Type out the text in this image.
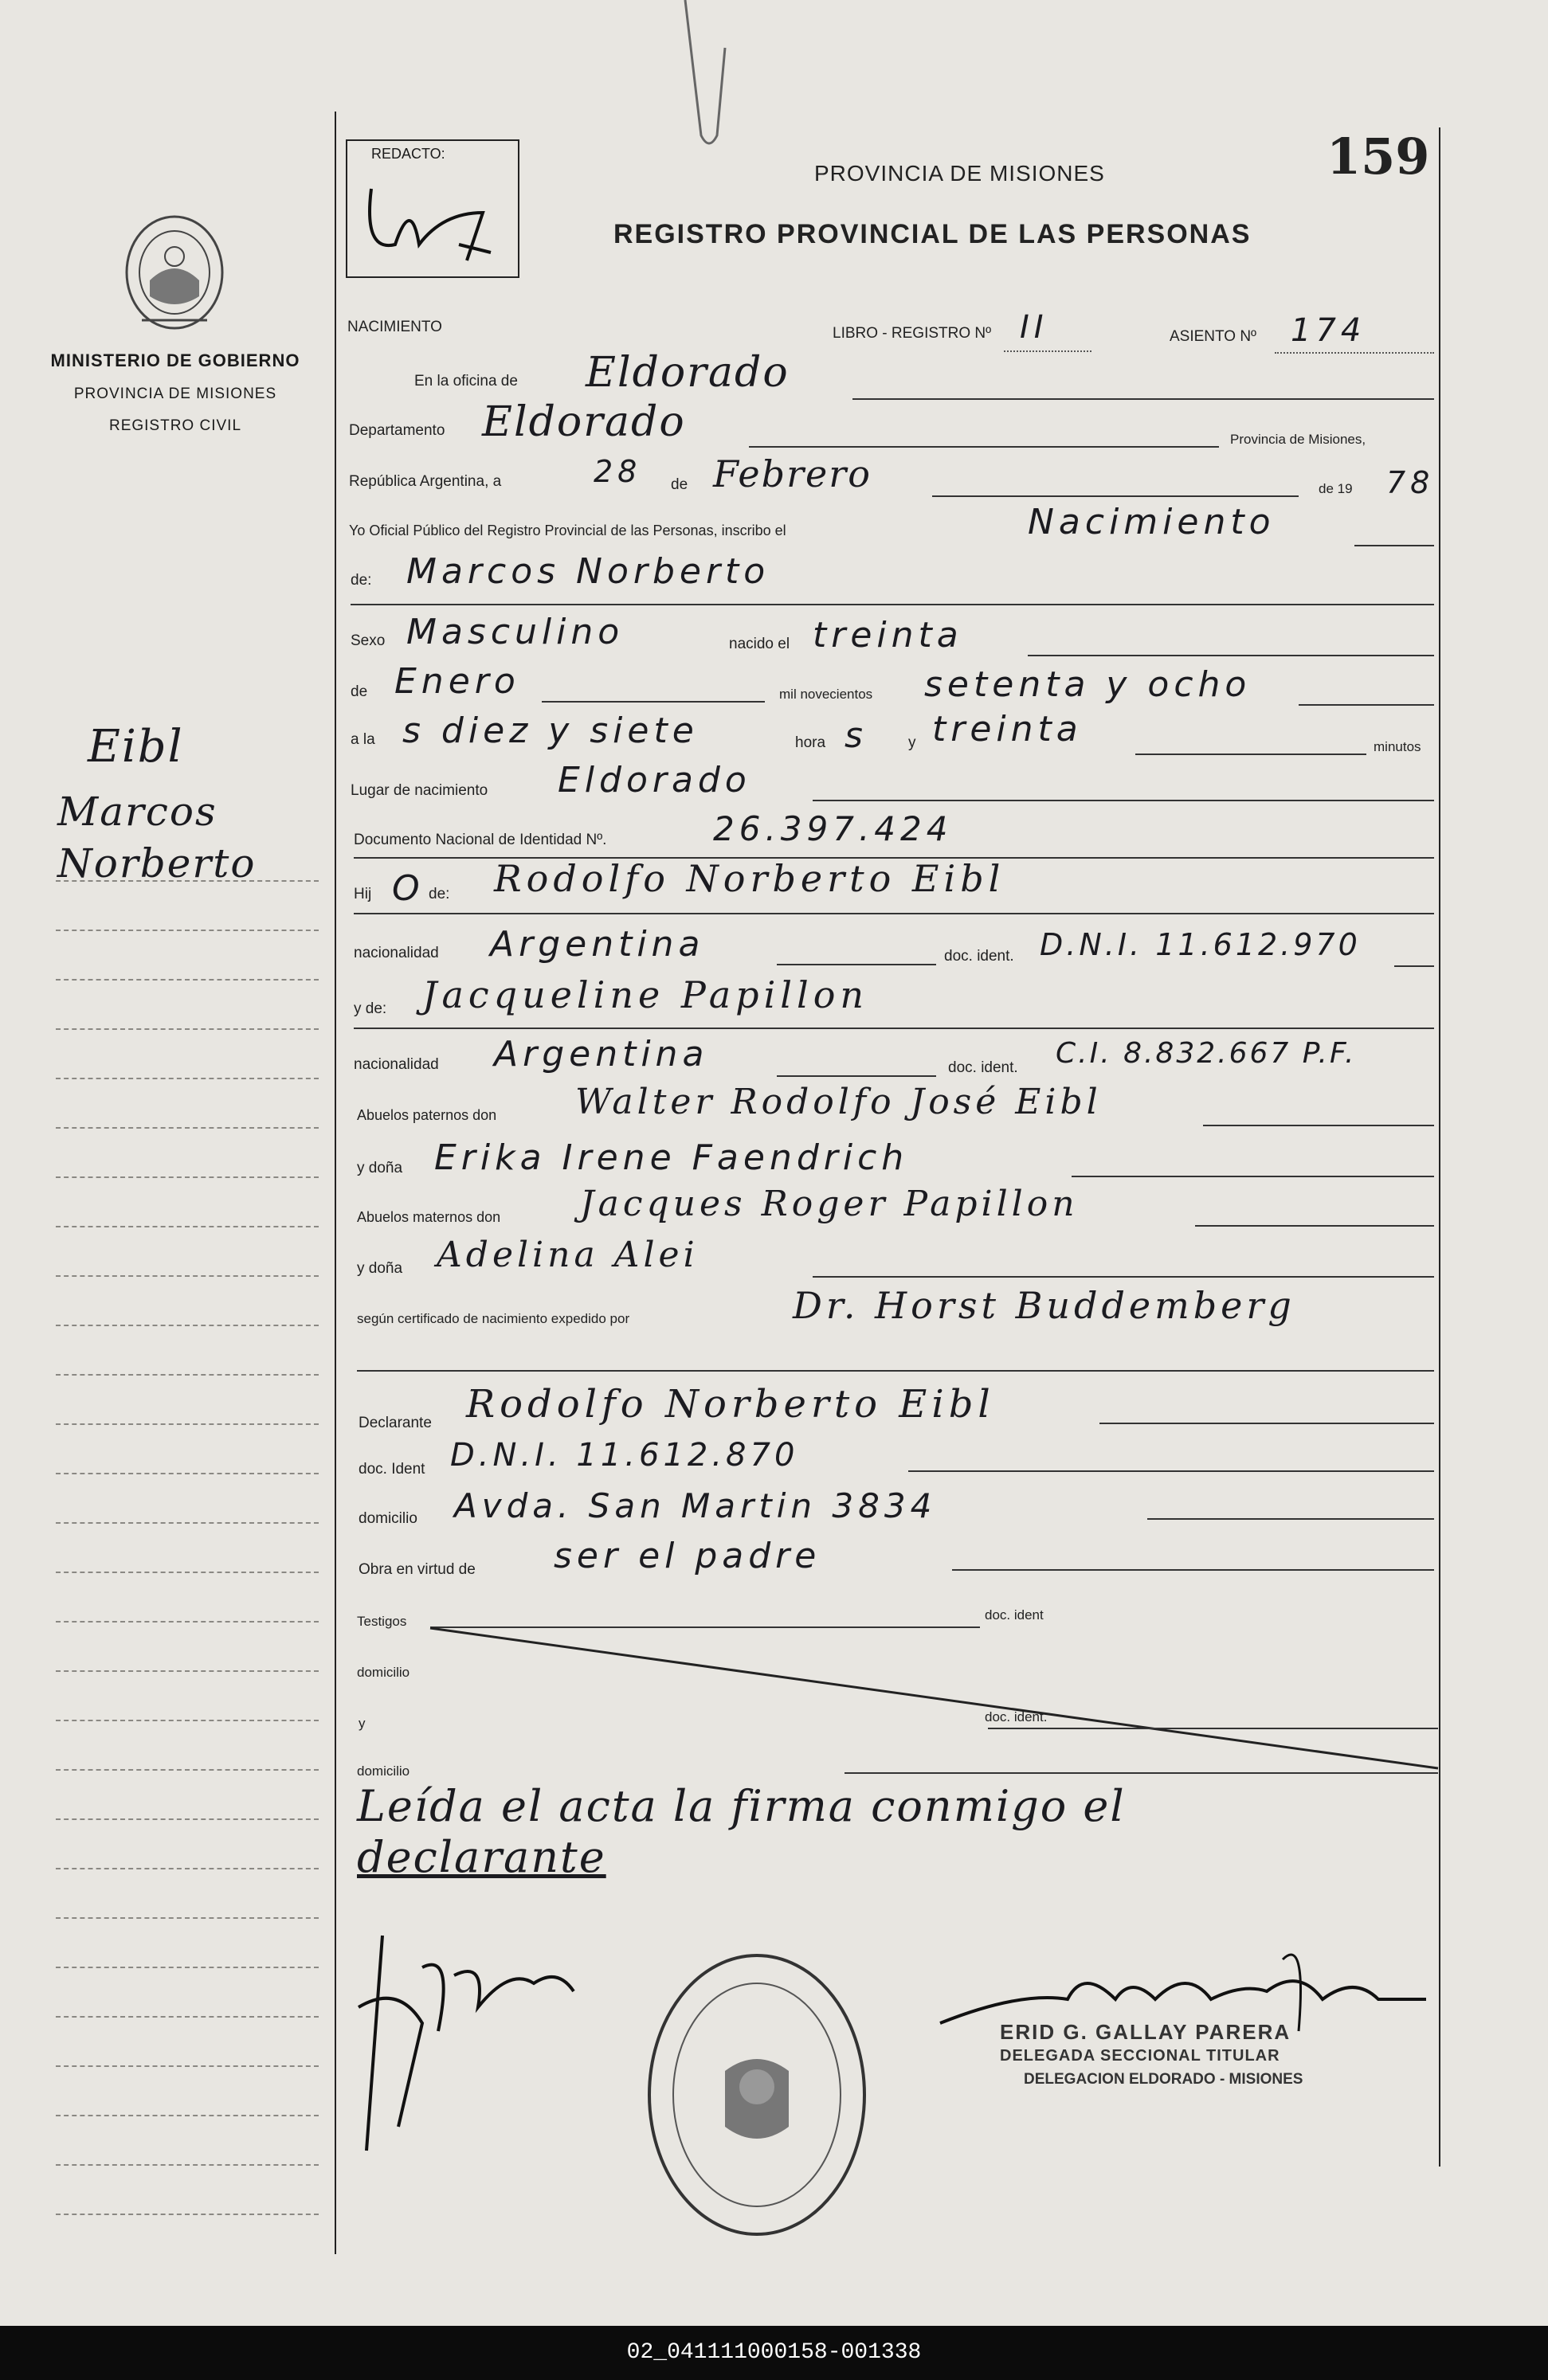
MINISTERIO DE GOBIERNO
PROVINCIA DE MISIONES
REGISTRO CIVIL
Eibl
Marcos
Norberto
REDACTO:
PROVINCIA DE MISIONES
REGISTRO PROVINCIAL DE LAS PERSONAS
159
NACIMIENTO	LIBRO - REGISTRO Nº II	ASIENTO Nº 174
En la oficina de Eldorado
Departamento Eldorado	Provincia de Misiones,
República Argentina, a	28 de Febrero	de 19 78
Yo Oficial Público del Registro Provincial de las Personas, inscribo el	Nacimiento
de: Marcos Norberto
Sexo Masculino	nacido el treinta
de Enero	mil novecientos setenta y ocho
a la s diez y siete	hora s	y treinta	minutos
Lugar de nacimiento Eldorado
Documento Nacional de Identidad Nº.	26.397.424
Hij O de: Rodolfo Norberto Eibl
nacionalidad Argentina	doc. ident. D.N.I. 11.612.970
y de: Jacqueline Papillon
nacionalidad Argentina	doc. ident. C.I. 8.832.667 P.F.
Abuelos paternos don Walter Rodolfo José Eibl
y doña Erika Irene Faendrich
Abuelos maternos don Jacques Roger Papillon
y doña Adelina Alei
según certificado de nacimiento expedido por	Dr. Horst Buddemberg
Declarante Rodolfo Norberto Eibl
doc. Ident D.N.I. 11.612.870
domicilio Avda. San Martin 3834
Obra en virtud de ser el padre
Testigos	doc. ident
domicilio
y	doc. ident.
domicilio
Leída el acta la firma conmigo el
declarante
ERID G. GALLAY PARERA
DELEGADA SECCIONAL TITULAR
DELEGACION ELDORADO - MISIONES
02_041111000158-001338
